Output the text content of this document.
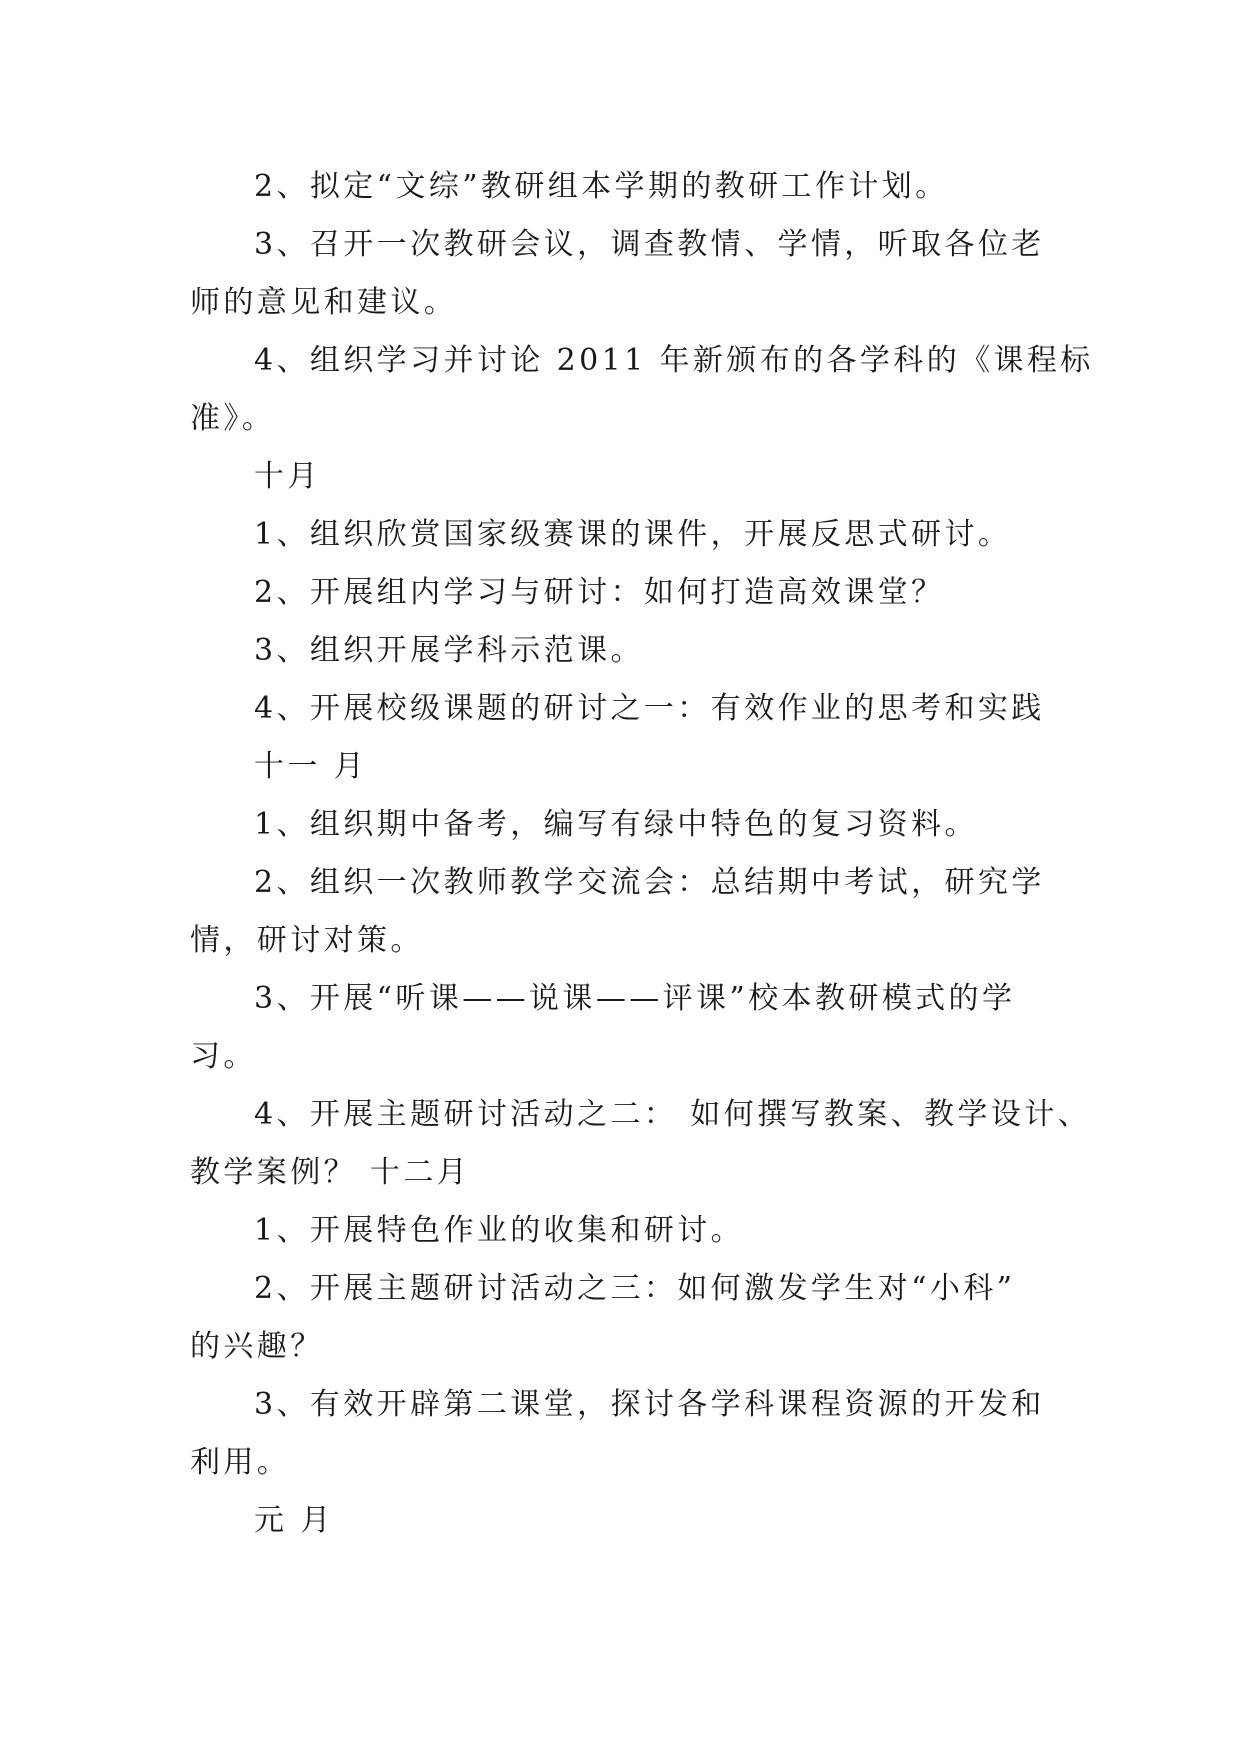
2、拟定“文综”教研组本学期的教研工作计划。
3、召开一次教研会议，调查教情、学情，听取各位老
师的意见和建议。
4、组织学习并讨论 2011 年新颁布的各学科的《课程标
准》。
十月
1、组织欣赏国家级赛课的课件，开展反思式研讨。
2、开展组内学习与研讨：如何打造高效课堂？
3、组织开展学科示范课。
4、开展校级课题的研讨之一：有效作业的思考和实践
十一 月
1、组织期中备考，编写有绿中特色的复习资料。
2、组织一次教师教学交流会：总结期中考试，研究学
情，研讨对策。
3、开展“听课——说课——评课”校本教研模式的学
习。
4、开展主题研讨活动之二： 如何撰写教案、教学设计、
教学案例？ 十二月
1、开展特色作业的收集和研讨。
2、开展主题研讨活动之三：如何激发学生对“小科”
的兴趣？
3、有效开辟第二课堂，探讨各学科课程资源的开发和
利用。
元 月
